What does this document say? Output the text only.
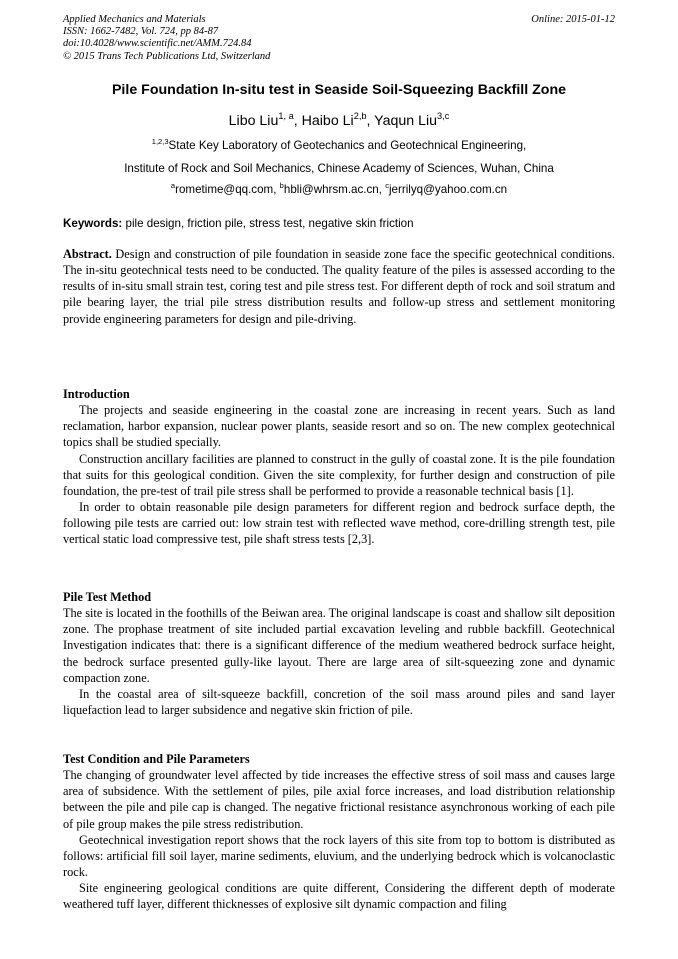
Applied Mechanics and Materials
ISSN: 1662-7482, Vol. 724, pp 84-87
doi:10.4028/www.scientific.net/AMM.724.84
© 2015 Trans Tech Publications Ltd, Switzerland
Online: 2015-01-12
Pile Foundation In-situ test in Seaside Soil-Squeezing Backfill Zone
Libo Liu$^{1, a}$, Haibo Li$^{2,b}$, Yaqun Liu$^{3,c}$
$^{1,2,3}$State Key Laboratory of Geotechanics and Geotechnical Engineering,
Institute of Rock and Soil Mechanics, Chinese Academy of Sciences, Wuhan, China
$^a$rometime@qq.com, $^b$hbli@whrsm.ac.cn, $^c$jerrilyq@yahoo.com.cn
Keywords: pile design, friction pile, stress test, negative skin friction

Abstract. Design and construction of pile foundation in seaside zone face the specific geotechnical conditions. The in-situ geotechnical tests need to be conducted. The quality feature of the piles is assessed according to the results of in-situ small strain test, coring test and pile stress test. For different depth of rock and soil stratum and pile bearing layer, the trial pile stress distribution results and follow-up stress and settlement monitoring provide engineering parameters for design and pile-driving.

Introduction

The projects and seaside engineering in the coastal zone are increasing in recent years. Such as land reclamation, harbor expansion, nuclear power plants, seaside resort and so on. The new complex geotechnical topics shall be studied specially.

Construction ancillary facilities are planned to construct in the gully of coastal zone. It is the pile foundation that suits for this geological condition. Given the site complexity, for further design and construction of pile foundation, the pre-test of trail pile stress shall be performed to provide a reasonable technical basis [1].

In order to obtain reasonable pile design parameters for different region and bedrock surface depth, the following pile tests are carried out: low strain test with reflected wave method, core-drilling strength test, pile vertical static load compressive test, pile shaft stress tests [2,3].

Pile Test Method

The site is located in the foothills of the Beiwan area. The original landscape is coast and shallow silt deposition zone. The prophase treatment of site included partial excavation leveling and rubble backfill. Geotechnical Investigation indicates that: there is a significant difference of the medium weathered bedrock surface height, the bedrock surface presented gully-like layout. There are large area of silt-squeezing zone and dynamic compaction zone.

In the coastal area of silt-squeeze backfill, concretion of the soil mass around piles and sand layer liquefaction lead to larger subsidence and negative skin friction of pile.

Test Condition and Pile Parameters

The changing of groundwater level affected by tide increases the effective stress of soil mass and causes large area of subsidence. With the settlement of piles, pile axial force increases, and load distribution relationship between the pile and pile cap is changed. The negative frictional resistance asynchronous working of each pile of pile group makes the pile stress redistribution.

Geotechnical investigation report shows that the rock layers of this site from top to bottom is distributed as follows: artificial fill soil layer, marine sediments, eluvium, and the underlying bedrock which is volcanoclastic rock.

Site engineering geological conditions are quite different, Considering the different depth of moderate weathered tuff layer, different thicknesses of explosive silt dynamic compaction and filing
